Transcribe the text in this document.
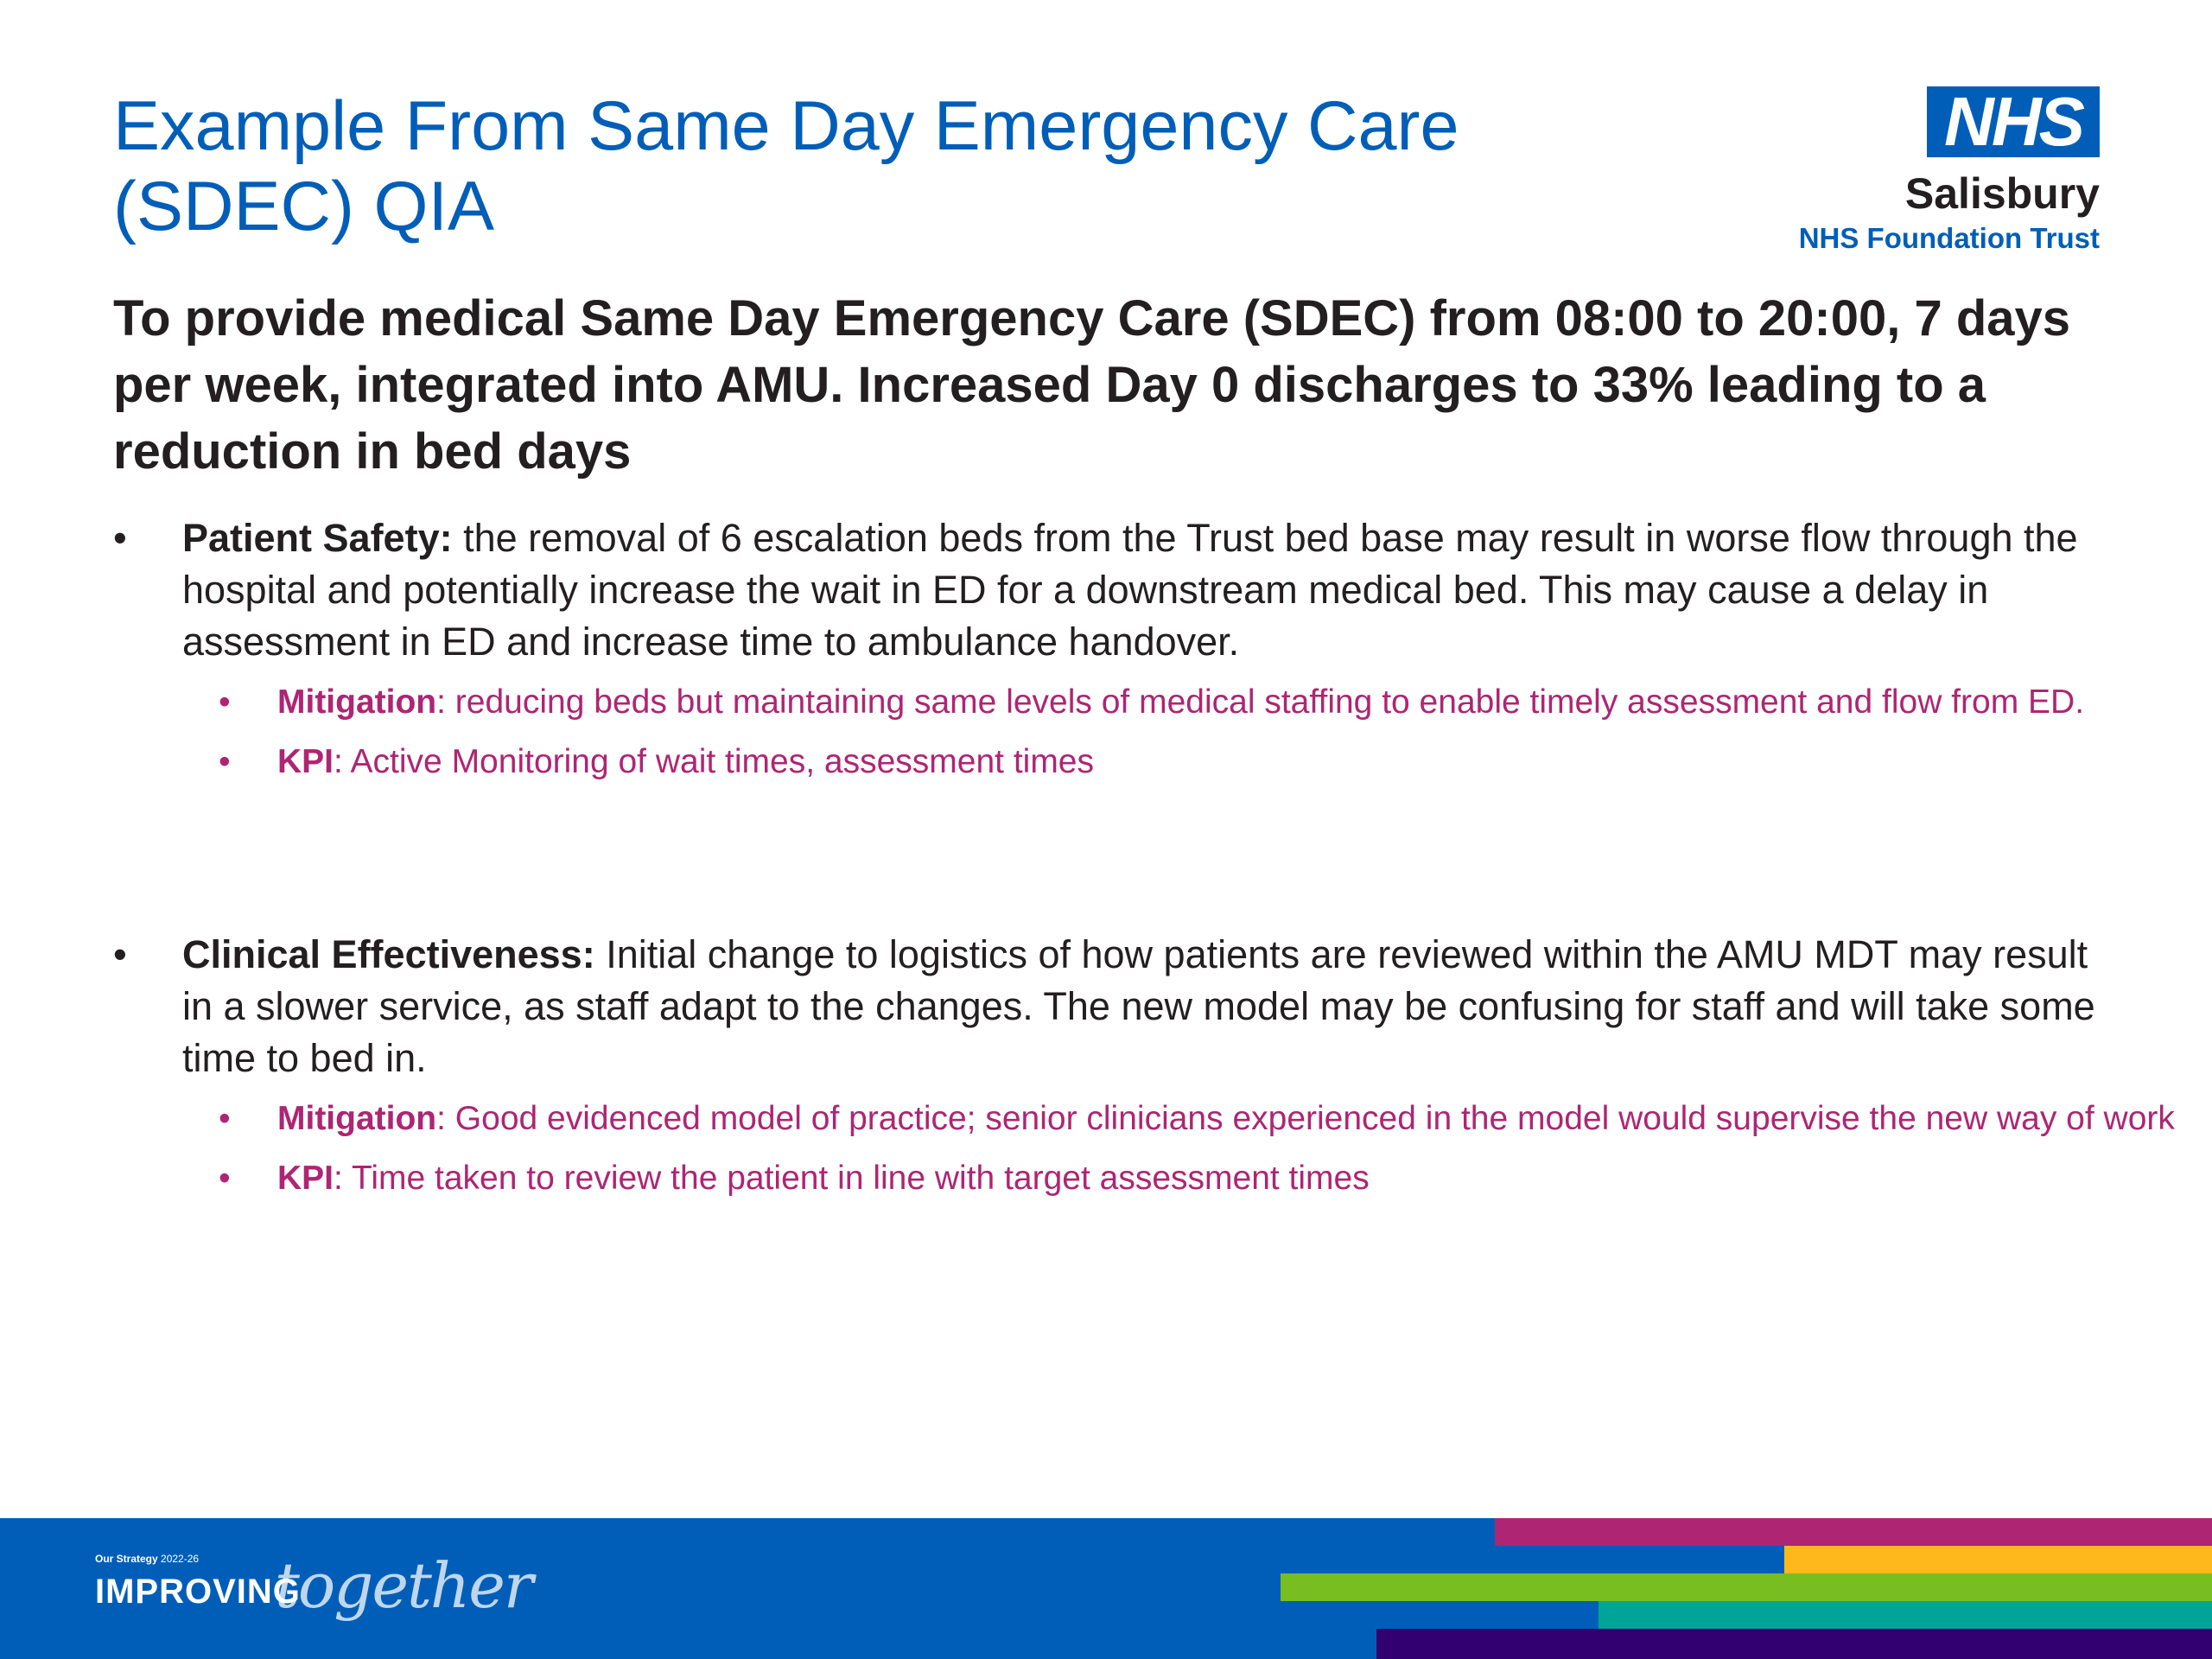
Example From Same Day Emergency Care
(SDEC) QIA
NHS
Salisbury
NHS Foundation Trust

To provide medical Same Day Emergency Care (SDEC) from 08:00 to 20:00, 7 days per week, integrated into AMU. Increased Day 0 discharges to 33% leading to a reduction in bed days

•	Patient Safety: the removal of 6 escalation beds from the Trust bed base may result in worse flow through the hospital and potentially increase the wait in ED for a downstream medical bed. This may cause a delay in assessment in ED and increase time to ambulance handover.
•	Mitigation: reducing beds but maintaining same levels of medical staffing to enable timely assessment and flow from ED.
•	KPI: Active Monitoring of wait times, assessment times
•	Clinical Effectiveness: Initial change to logistics of how patients are reviewed within the AMU MDT may result in a slower service, as staff adapt to the changes. The new model may be confusing for staff and will take some time to bed in.
•	Mitigation: Good evidenced model of practice; senior clinicians experienced in the model would supervise the new way of work
•	KPI: Time taken to review the patient in line with target assessment times
Our Strategy 2022-26
IMPROVING
together
